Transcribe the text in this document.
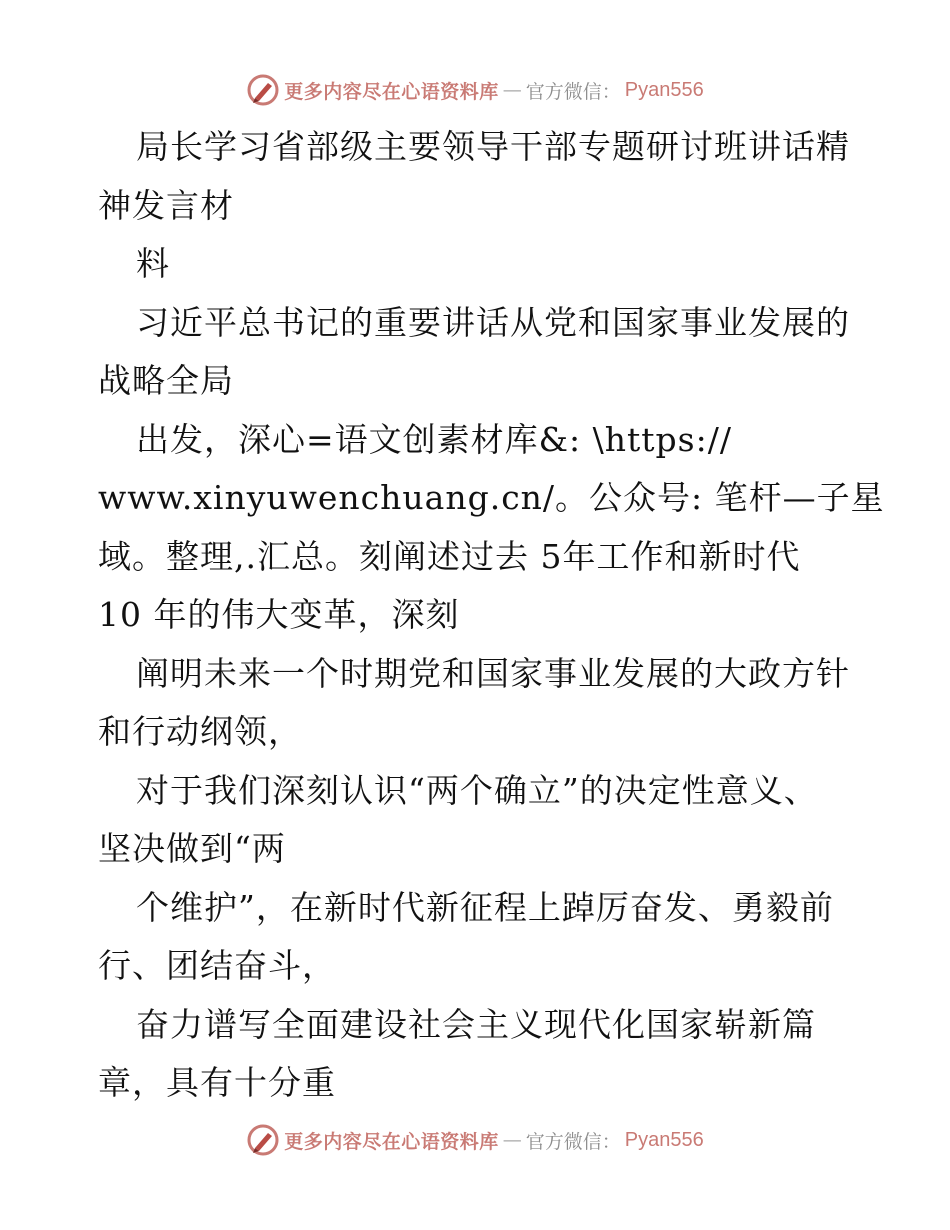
更多内容尽在心语资料库 — 官方微信： Pyan556
局长学习省部级主要领导干部专题研讨班讲话精
神发言材
料
习近平总书记的重要讲话从党和国家事业发展的
战略全局
出发，深心=语文创素材库&: \https://
www.xinyuwenchuang.cn/。公众号: 笔杆—子星
域。整理,.汇总。刻阐述过去 5年工作和新时代
10 年的伟大变革，深刻
阐明未来一个时期党和国家事业发展的大政方针
和行动纲领，
对于我们深刻认识“两个确立”的决定性意义、
坚决做到“两
个维护”，在新时代新征程上踔厉奋发、勇毅前
行、团结奋斗，
奋力谱写全面建设社会主义现代化国家崭新篇
章，具有十分重
更多内容尽在心语资料库 — 官方微信： Pyan556
